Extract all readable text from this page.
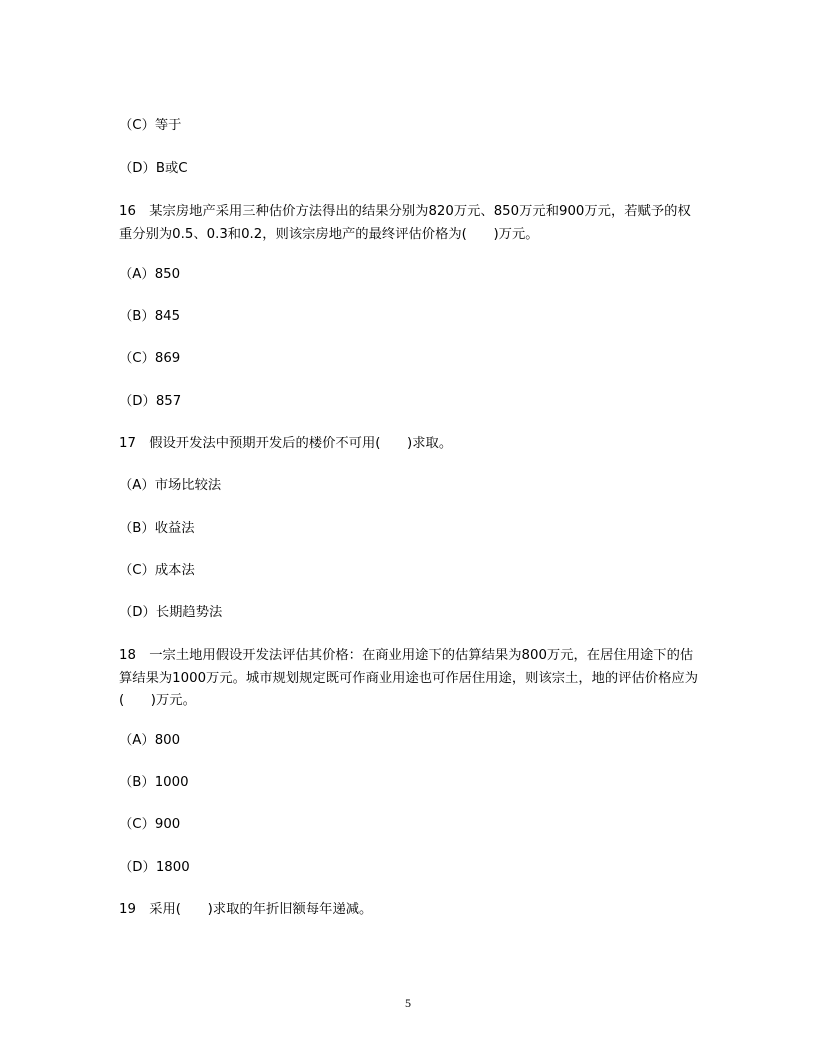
（C）等于

（D）B或C

16　某宗房地产采用三种估价方法得出的结果分别为820万元、850万元和900万元，若赋予的权重分别为0.5、0.3和0.2，则该宗房地产的最终评估价格为(　　)万元。

（A）850

（B）845

（C）869

（D）857

17　假设开发法中预期开发后的楼价不可用(　　)求取。

（A）市场比较法

（B）收益法

（C）成本法

（D）长期趋势法

18　一宗土地用假设开发法评估其价格：在商业用途下的估算结果为800万元，在居住用途下的估算结果为1000万元。城市规划规定既可作商业用途也可作居住用途，则该宗土，地的评估价格应为(　　)万元。

（A）800

（B）1000

（C）900

（D）1800

19　采用(　　)求取的年折旧额每年递减。

5
